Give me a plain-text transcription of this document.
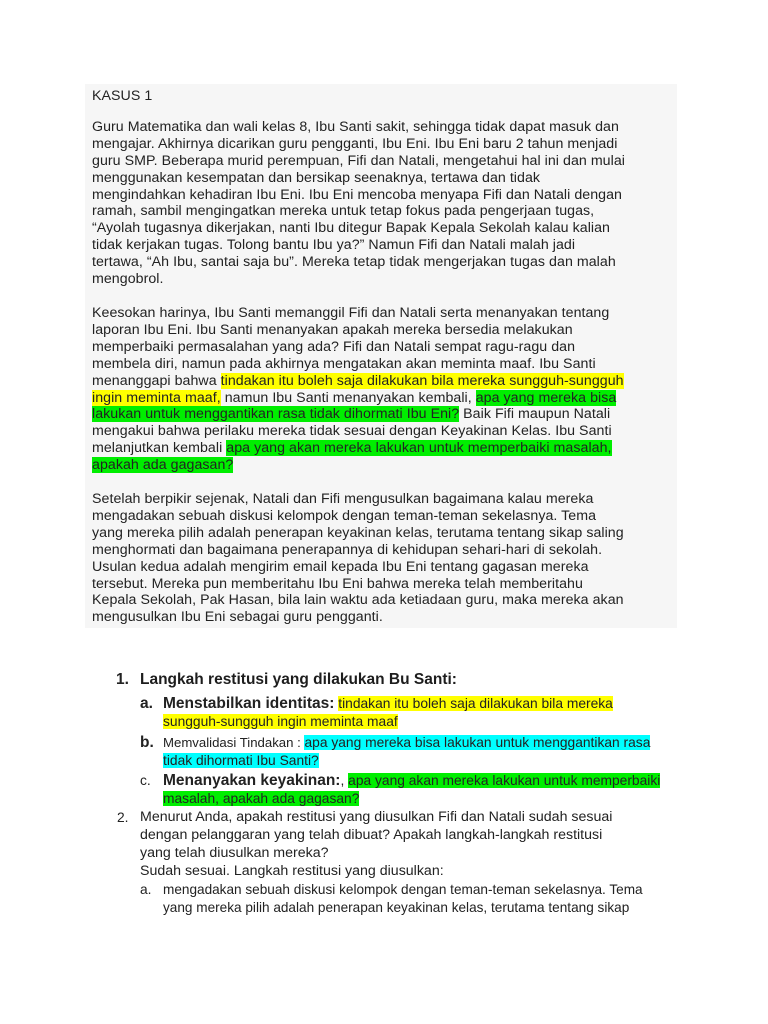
KASUS 1

Guru Matematika dan wali kelas 8, Ibu Santi sakit, sehingga tidak dapat masuk dan

mengajar. Akhirnya dicarikan guru pengganti, Ibu Eni. Ibu Eni baru 2 tahun menjadi

guru SMP. Beberapa murid perempuan, Fifi dan Natali, mengetahui hal ini dan mulai

menggunakan kesempatan dan bersikap seenaknya, tertawa dan tidak

mengindahkan kehadiran Ibu Eni. Ibu Eni mencoba menyapa Fifi dan Natali dengan

ramah, sambil mengingatkan mereka untuk tetap fokus pada pengerjaan tugas,

“Ayolah tugasnya dikerjakan, nanti Ibu ditegur Bapak Kepala Sekolah kalau kalian

tidak kerjakan tugas. Tolong bantu Ibu ya?” Namun Fifi dan Natali malah jadi

tertawa, “Ah Ibu, santai saja bu”. Mereka tetap tidak mengerjakan tugas dan malah

mengobrol.

Keesokan harinya, Ibu Santi memanggil Fifi dan Natali serta menanyakan tentang

laporan Ibu Eni. Ibu Santi menanyakan apakah mereka bersedia melakukan

memperbaiki permasalahan yang ada? Fifi dan Natali sempat ragu-ragu dan

membela diri, namun pada akhirnya mengatakan akan meminta maaf. Ibu Santi

menanggapi bahwa tindakan itu boleh saja dilakukan bila mereka sungguh-sungguh

ingin meminta maaf, namun Ibu Santi menanyakan kembali, apa yang mereka bisa

lakukan untuk menggantikan rasa tidak dihormati Ibu Eni? Baik Fifi maupun Natali

mengakui bahwa perilaku mereka tidak sesuai dengan Keyakinan Kelas. Ibu Santi

melanjutkan kembali apa yang akan mereka lakukan untuk memperbaiki masalah,

apakah ada gagasan?

Setelah berpikir sejenak, Natali dan Fifi mengusulkan bagaimana kalau mereka

mengadakan sebuah diskusi kelompok dengan teman-teman sekelasnya. Tema

yang mereka pilih adalah penerapan keyakinan kelas, terutama tentang sikap saling

menghormati dan bagaimana penerapannya di kehidupan sehari-hari di sekolah.

Usulan kedua adalah mengirim email kepada Ibu Eni tentang gagasan mereka

tersebut. Mereka pun memberitahu Ibu Eni bahwa mereka telah memberitahu

Kepala Sekolah, Pak Hasan, bila lain waktu ada ketiadaan guru, maka mereka akan

mengusulkan Ibu Eni sebagai guru pengganti.

1. Langkah restitusi yang dilakukan Bu Santi:
a. Menstabilkan identitas: tindakan itu boleh saja dilakukan bila mereka
sungguh-sungguh ingin meminta maaf
b. Memvalidasi Tindakan : apa yang mereka bisa lakukan untuk menggantikan rasa
tidak dihormati Ibu Santi?
c. Menanyakan keyakinan:, apa yang akan mereka lakukan untuk memperbaiki
masalah, apakah ada gagasan?
2. Menurut Anda, apakah restitusi yang diusulkan Fifi dan Natali sudah sesuai
dengan pelanggaran yang telah dibuat? Apakah langkah-langkah restitusi
yang telah diusulkan mereka?
Sudah sesuai. Langkah restitusi yang diusulkan:
a. mengadakan sebuah diskusi kelompok dengan teman-teman sekelasnya. Tema
yang mereka pilih adalah penerapan keyakinan kelas, terutama tentang sikap
